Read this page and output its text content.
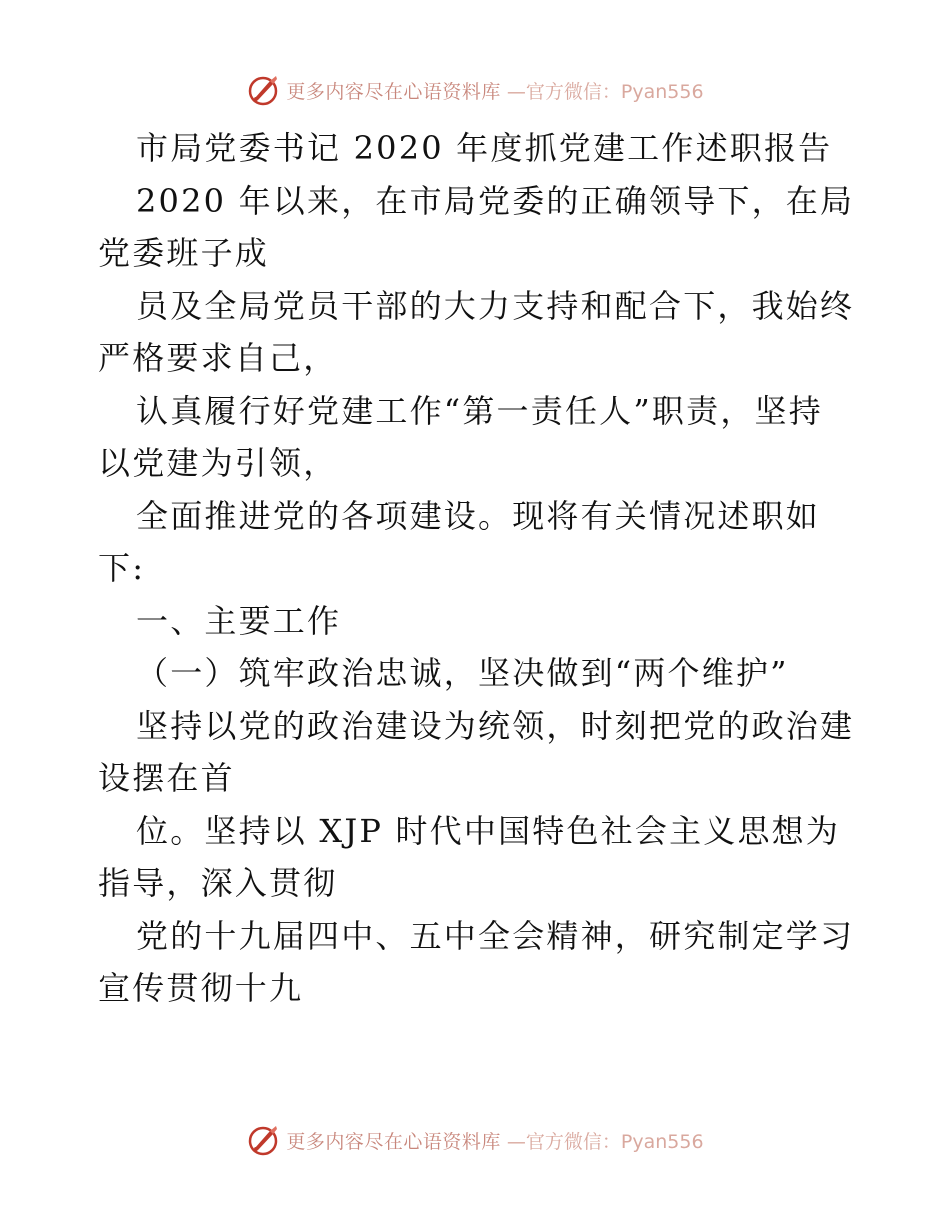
更多内容尽在心语资料库 —官方微信：Pyan556

市局党委书记 2020 年度抓党建工作述职报告

2020 年以来，在市局党委的正确领导下，在局

党委班子成

员及全局党员干部的大力支持和配合下，我始终

严格要求自己，

认真履行好党建工作“第一责任人”职责，坚持

以党建为引领，

全面推进党的各项建设。现将有关情况述职如

下:

一、主要工作

（一）筑牢政治忠诚，坚决做到“两个维护”

坚持以党的政治建设为统领，时刻把党的政治建

设摆在首

位。坚持以 XJP 时代中国特色社会主义思想为

指导，深入贯彻

党的十九届四中、五中全会精神，研究制定学习

宣传贯彻十九

更多内容尽在心语资料库 —官方微信：Pyan556
